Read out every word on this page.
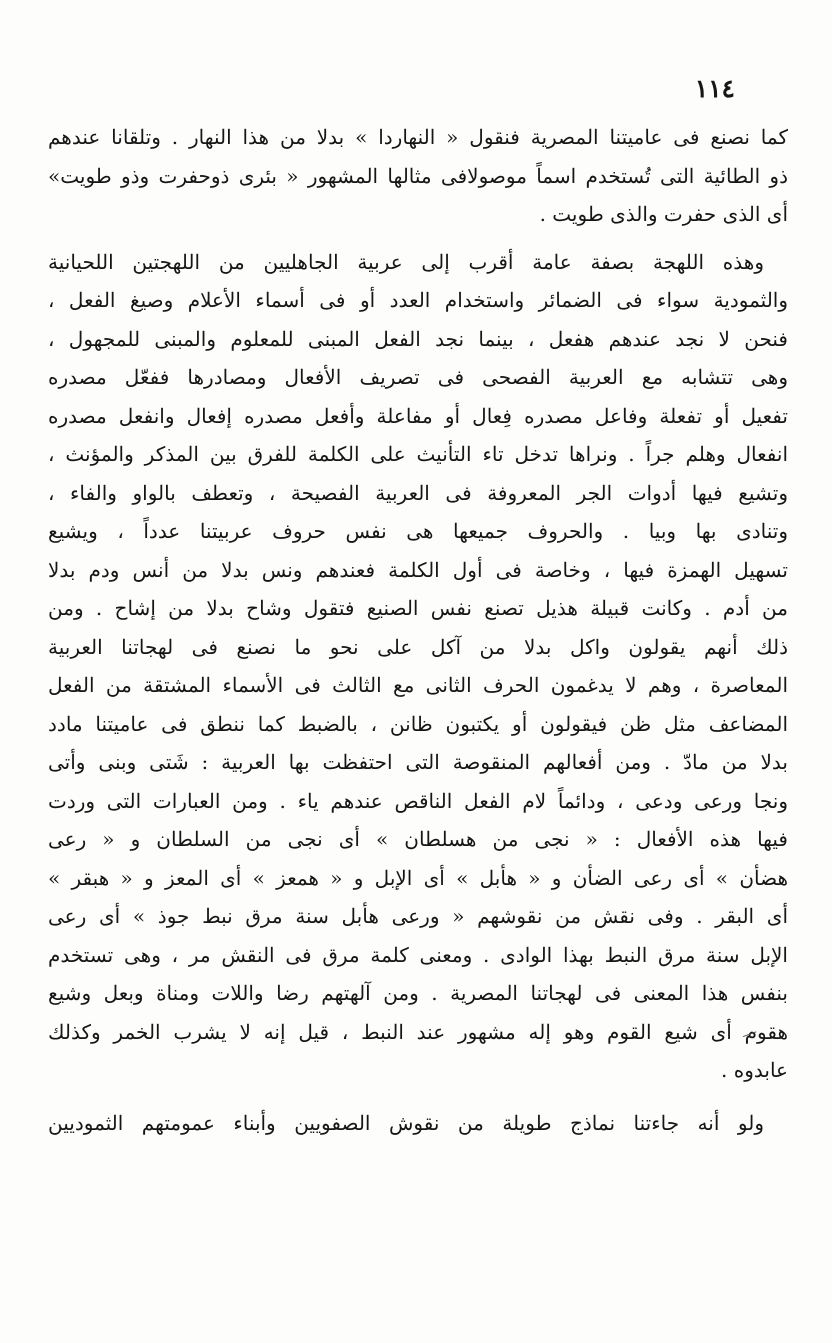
١١٤
كما نصنع فى عاميتنا المصرية فنقول « النهاردا » بدلا من هذا النهار . وتلقانا عندهم
ذو الطائية التى تُستخدم اسماً موصولافى مثالها المشهور « بئرى ذوحفرت وذو طويت»
أى الذى حفرت والذى طويت .
وهذه اللهجة بصفة عامة أقرب إلى عربية الجاهليين من اللهجتين اللحيانية
والثمودية سواء فى الضمائر واستخدام العدد أو فى أسماء الأعلام وصيغ الفعل ،
فنحن لا نجد عندهم هفعل ، بينما نجد الفعل المبنى للمعلوم والمبنى للمجهول ،
وهى تتشابه مع العربية الفصحى فى تصريف الأفعال ومصادرها ففعّل مصدره
تفعيل أو تفعلة وفاعل مصدره فِعال أو مفاعلة وأفعل مصدره إفعال وانفعل مصدره
انفعال وهلم جراً . ونراها تدخل تاء التأنيث على الكلمة للفرق بين المذكر والمؤنث ،
وتشيع فيها أدوات الجر المعروفة فى العربية الفصيحة ، وتعطف بالواو والفاء ،
وتنادى بها وبيا . والحروف جميعها هى نفس حروف عربيتنا عدداً ، ويشيع
تسهيل الهمزة فيها ، وخاصة فى أول الكلمة فعندهم ونس بدلا من أنس ودم بدلا
من أدم . وكانت قبيلة هذيل تصنع نفس الصنيع فتقول وشاح بدلا من إشاح . ومن
ذلك أنهم يقولون واكل بدلا من آكل على نحو ما نصنع فى لهجاتنا العربية
المعاصرة ، وهم لا يدغمون الحرف الثانى مع الثالث فى الأسماء المشتقة من الفعل
المضاعف مثل ظن فيقولون أو يكتبون ظانن ، بالضبط كما ننطق فى عاميتنا مادد
بدلا من مادّ . ومن أفعالهم المنقوصة التى احتفظت بها العربية : شَتى وبنى وأتى
ونجا ورعى ودعى ، ودائماً لام الفعل الناقص عندهم ياء . ومن العبارات التى وردت
فيها هذه الأفعال : « نجى من هسلطان » أى نجى من السلطان و « رعى
هضأن » أى رعى الضأن و « هأبل » أى الإبل و « همعز » أى المعز و « هبقر »
أى البقر . وفى نقش من نقوشهم « ورعى هأبل سنة مرق نبط جوذ » أى رعى
الإبل سنة مرق النبط بهذا الوادى . ومعنى كلمة مرق فى النقش مر ، وهى تستخدم
بنفس هذا المعنى فى لهجاتنا المصرية . ومن آلهتهم رضا واللات ومناة وبعل وشيع
هقوم أى شيع القوم وهو إله مشهور عند النبط ، قيل إنه لا يشرب الخمر وكذلك
عابدوه .
ولو أنه جاءتنا نماذج طويلة من نقوش الصفويين وأبناء عمومتهم الثموديين
